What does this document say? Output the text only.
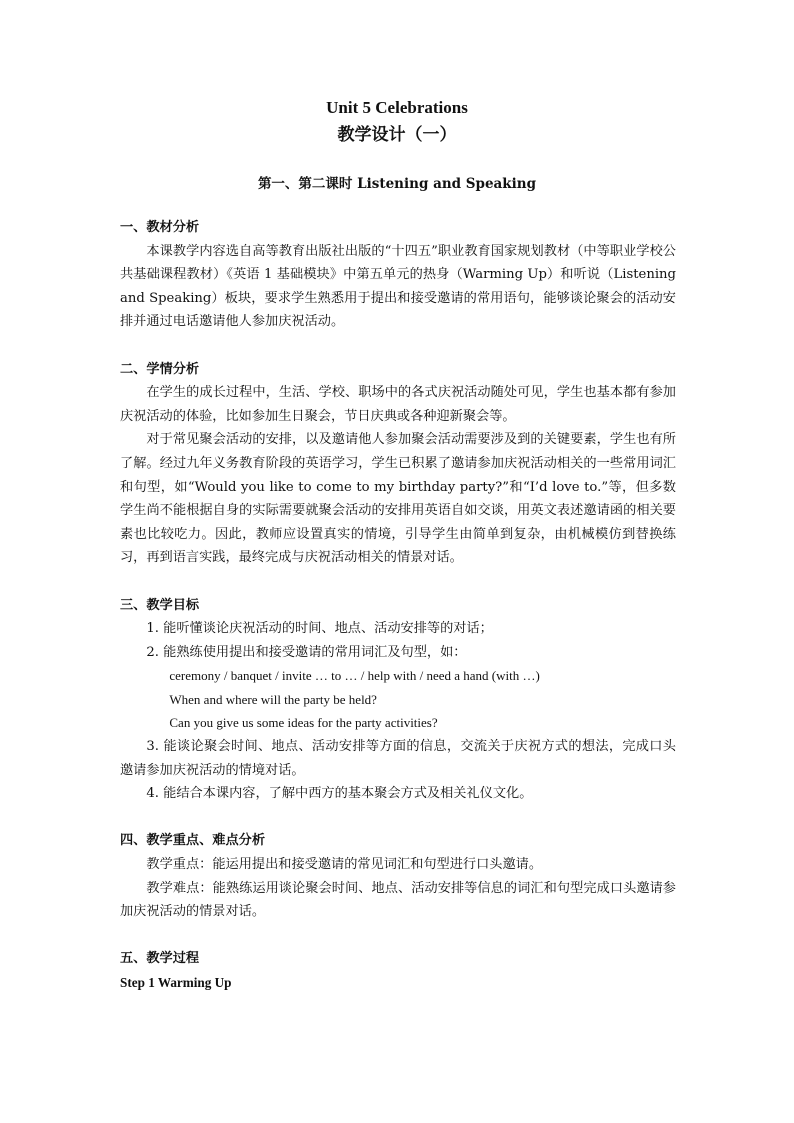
Unit 5 Celebrations
教学设计（一）
第一、第二课时 Listening and Speaking

一、教材分析

本课教学内容选自高等教育出版社出版的“十四五”职业教育国家规划教材（中等职业学校公共基础课程教材）《英语 1 基础模块》中第五单元的热身（Warming Up）和听说（Listening and Speaking）板块，要求学生熟悉用于提出和接受邀请的常用语句，能够谈论聚会的活动安排并通过电话邀请他人参加庆祝活动。

二、学情分析

在学生的成长过程中，生活、学校、职场中的各式庆祝活动随处可见，学生也基本都有参加庆祝活动的体验，比如参加生日聚会，节日庆典或各种迎新聚会等。

对于常见聚会活动的安排，以及邀请他人参加聚会活动需要涉及到的关键要素，学生也有所了解。经过九年义务教育阶段的英语学习，学生已积累了邀请参加庆祝活动相关的一些常用词汇和句型，如“Would you like to come to my birthday party?”和“I’d love to.”等，但多数学生尚不能根据自身的实际需要就聚会活动的安排用英语自如交谈，用英文表述邀请函的相关要素也比较吃力。因此，教师应设置真实的情境，引导学生由简单到复杂，由机械模仿到替换练习，再到语言实践，最终完成与庆祝活动相关的情景对话。

三、教学目标

1. 能听懂谈论庆祝活动的时间、地点、活动安排等的对话；

2. 能熟练使用提出和接受邀请的常用词汇及句型，如：

ceremony / banquet / invite … to … / help with / need a hand (with …)

When and where will the party be held?

Can you give us some ideas for the party activities?

3. 能谈论聚会时间、地点、活动安排等方面的信息，交流关于庆祝方式的想法，完成口头邀请参加庆祝活动的情境对话。

4. 能结合本课内容，了解中西方的基本聚会方式及相关礼仪文化。

四、教学重点、难点分析

教学重点：能运用提出和接受邀请的常见词汇和句型进行口头邀请。

教学难点：能熟练运用谈论聚会时间、地点、活动安排等信息的词汇和句型完成口头邀请参加庆祝活动的情景对话。

五、教学过程

Step 1 Warming Up
